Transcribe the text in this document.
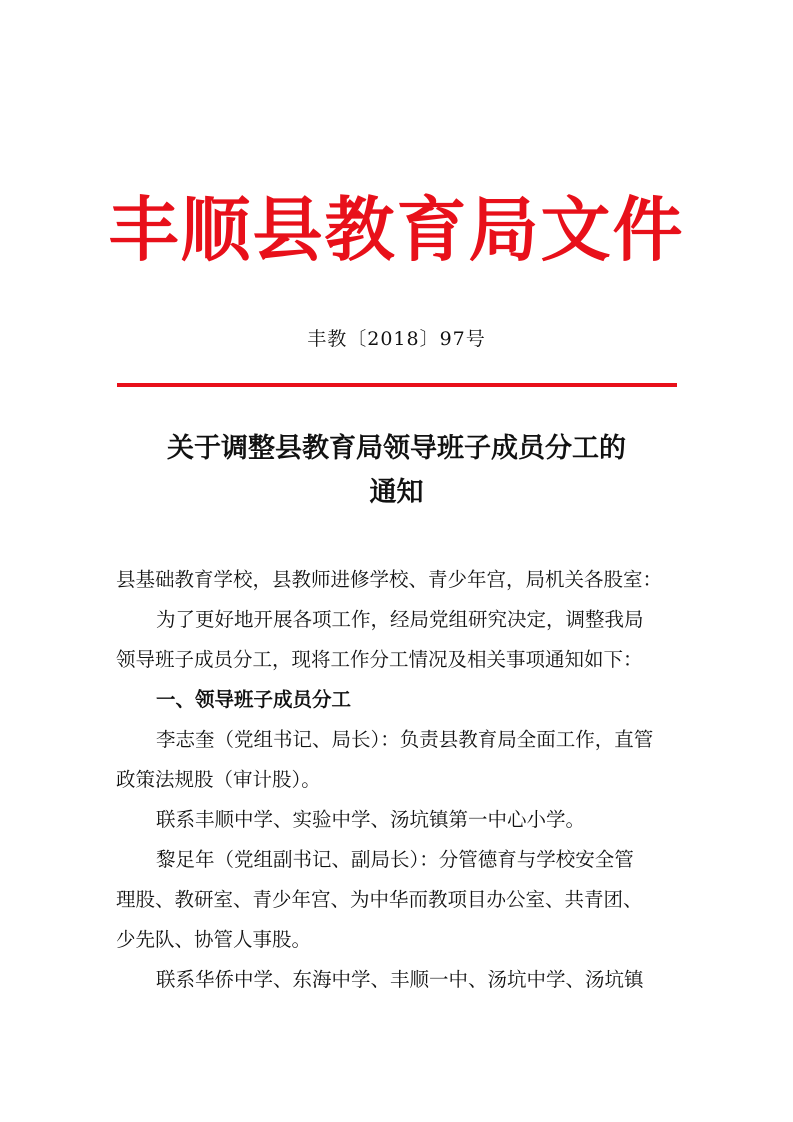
丰顺县教育局文件
丰教〔2018〕97号
关于调整县教育局领导班子成员分工的
通知

县基础教育学校，县教师进修学校、青少年宫，局机关各股室：

为了更好地开展各项工作，经局党组研究决定，调整我局

领导班子成员分工，现将工作分工情况及相关事项通知如下：

一、领导班子成员分工

李志奎（党组书记、局长）：负责县教育局全面工作，直管

政策法规股（审计股）。

联系丰顺中学、实验中学、汤坑镇第一中心小学。

黎足年（党组副书记、副局长）：分管德育与学校安全管

理股、教研室、青少年宫、为中华而教项目办公室、共青团、

少先队、协管人事股。

联系华侨中学、东海中学、丰顺一中、汤坑中学、汤坑镇
